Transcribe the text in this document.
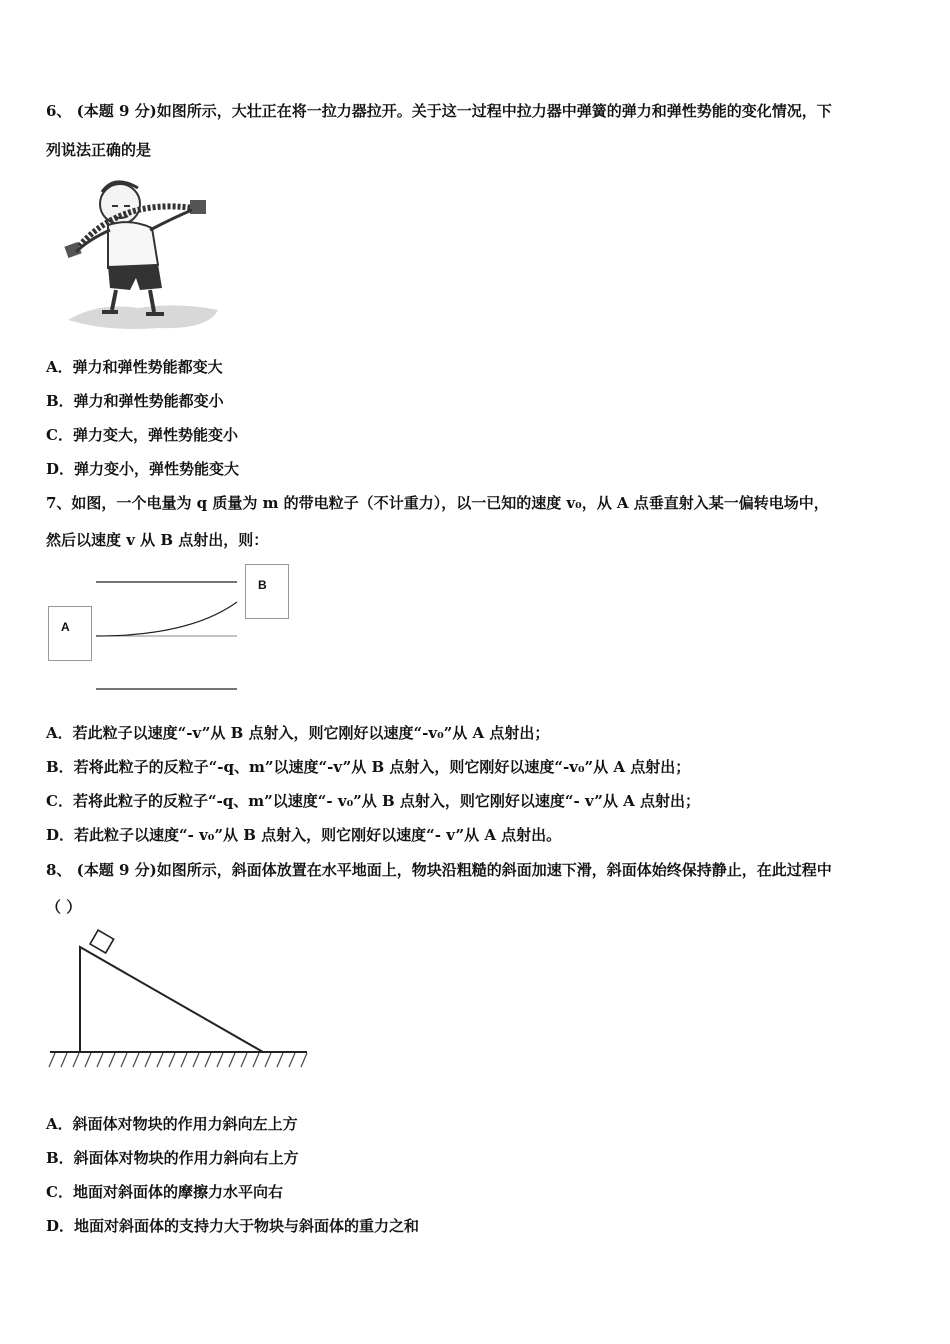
6、 (本题 9 分)如图所示，大壮正在将一拉力器拉开。关于这一过程中拉力器中弹簧的弹力和弹性势能的变化情况，下
列说法正确的是
A．弹力和弹性势能都变大
B．弹力和弹性势能都变小
C．弹力变大，弹性势能变小
D．弹力变小，弹性势能变大
7、如图，一个电量为 q 质量为 m 的带电粒子（不计重力），以一已知的速度 v₀，从 A 点垂直射入某一偏转电场中，
然后以速度 v 从 B 点射出，则：
A
B
A．若此粒子以速度“-v”从 B 点射入，则它刚好以速度“-v₀”从 A 点射出；
B．若将此粒子的反粒子“-q、m”以速度“-v”从 B 点射入，则它刚好以速度“-v₀”从 A 点射出；
C．若将此粒子的反粒子“-q、m”以速度“- v₀”从 B 点射入，则它刚好以速度“- v”从 A 点射出；
D．若此粒子以速度“- v₀”从 B 点射入，则它刚好以速度“- v”从 A 点射出。
8、 (本题 9 分)如图所示，斜面体放置在水平地面上，物块沿粗糙的斜面加速下滑，斜面体始终保持静止，在此过程中
（ ）
A．斜面体对物块的作用力斜向左上方
B．斜面体对物块的作用力斜向右上方
C．地面对斜面体的摩擦力水平向右
D．地面对斜面体的支持力大于物块与斜面体的重力之和
